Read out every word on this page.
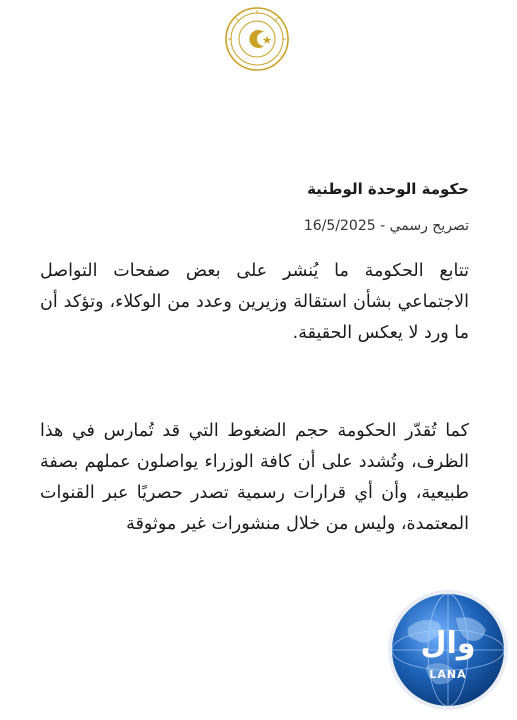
حكومة الوحدة الوطنية
تصريح رسمي - 16/5/2025
تتابع الحكومة ما يُنشر على بعض صفحات التواصل الاجتماعي بشأن استقالة وزيرين وعدد من الوكلاء، وتؤكد أن ما ورد لا يعكس الحقيقة.
كما تُقدّر الحكومة حجم الضغوط التي قد تُمارس في هذا الظرف، وتُشدد على أن كافة الوزراء يواصلون عملهم بصفة طبيعية، وأن أي قرارات رسمية تصدر حصريًا عبر القنوات المعتمدة، وليس من خلال منشورات غير موثوقة
وال
LANA
